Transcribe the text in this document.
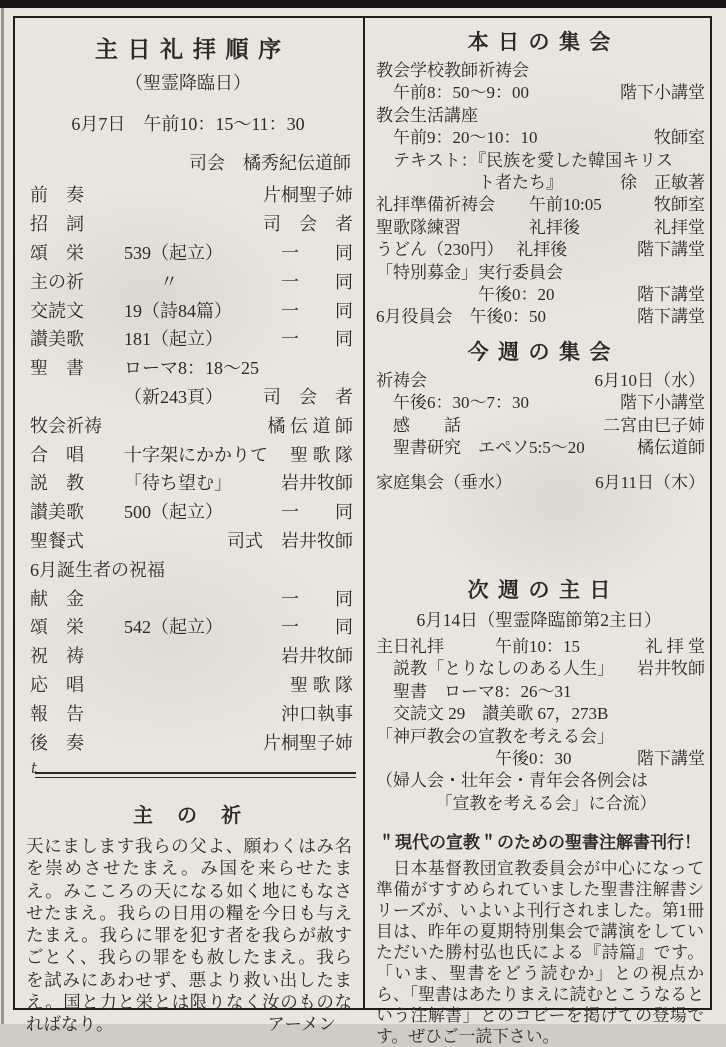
主日礼拝順序
（聖霊降臨日）
6月7日　午前10：15～11：30
司会　橘秀紀伝道師
前　奏	片桐聖子姉
招　詞	司　会　者
頌　栄	539（起立）	一　　同
主の祈	　　〃	一　　同
交読文	19（詩84篇）	一　　同
讃美歌	181（起立）	一　　同
聖　書	ローマ8：18～25
（新243頁）	司　会　者
牧会祈祷	橘 伝 道 師
合　唱	十字架にかかりて	聖 歌 隊
説　教	「待ち望む」	岩井牧師
讃美歌	500（起立）	一　　同
聖餐式	司式　岩井牧師
6月誕生者の祝福
献　金	一　　同
頌　栄	542（起立）	一　　同
祝　祷	岩井牧師
応　唱	聖 歌 隊
報　告	沖口執事
後　奏	片桐聖子姉
t
主　の　祈

天にまします我らの父よ、願わくはみ名を崇めさせたまえ。み国を来らせたまえ。みこころの天になる如く地にもなさせたまえ。我らの日用の糧を今日も与えたまえ。我らに罪を犯す者を我らが赦すごとく、我らの罪をも赦したまえ。我らを試みにあわせず、悪より救い出したまえ。国と力と栄とは限りなく汝のものなればなり。	アーメン

本日の集会
教会学校教師祈祷会
　午前8：50～9：00	階下小講堂
教会生活講座
　午前9：20～10：10	牧師室
　テキスト：『民族を愛した韓国キリス
　　　　　　ト者たち』	徐　正敏著
礼拝準備祈祷会　　午前10:05	牧師室
聖歌隊練習　　　　礼拝後	礼拝堂
うどん（230円）　 礼拝後	階下講堂
「特別募金」実行委員会
　　　　　　午後0：20	階下講堂
6月役員会　午後0：50	階下講堂
今週の集会
祈祷会	6月10日（水）
　午後6：30～7：30	階下小講堂
　感　　話	二宮由巳子姉
　聖書研究　エペソ5:5～20　 橘伝道師
家庭集会（垂水）	6月11日（木）
次週の主日
6月14日（聖霊降臨節第2主日）
主日礼拝　　　午前10：15	礼 拝 堂
　説教「とりなしのある人生」 岩井牧師
　聖書　ローマ8：26～31
　交読文 29　讃美歌 67，273B
「神戸教会の宣教を考える会」
　　　　　　　午後0：30　	階下講堂
（婦人会・壮年会・青年会各例会は
　　　　「宣教を考える会」に合流）
＂現代の宣教＂のための聖書注解書刊行！

　日本基督教団宣教委員会が中心になって準備がすすめられていました聖書注解書シリーズが、いよいよ刊行されました。第1冊目は、昨年の夏期特別集会で講演をしていただいた勝村弘也氏による『詩篇』です。「いま、聖書をどう読むか」との視点から、「聖書はあたりまえに読むとこうなるという注解書」とのコピーを掲げての登場です。ぜひご一読下さい。
